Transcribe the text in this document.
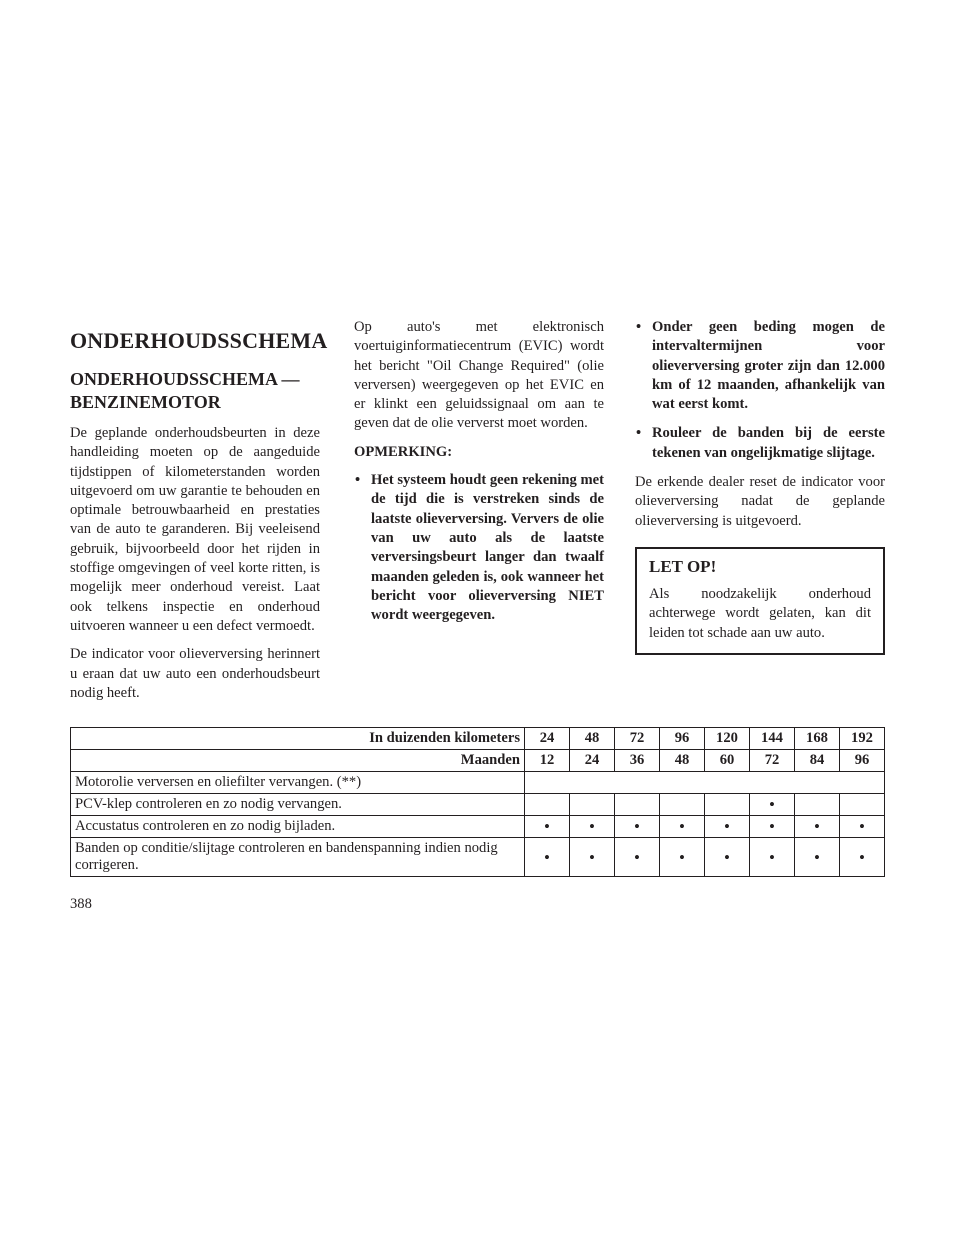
ONDERHOUDSSCHEMA
ONDERHOUDSSCHEMA — BENZINEMOTOR

De geplande onderhoudsbeurten in deze handleiding moeten op de aangeduide tijdstippen of kilometerstanden worden uitgevoerd om uw garantie te behouden en optimale betrouwbaarheid en prestaties van de auto te garanderen. Bij veeleisend gebruik, bijvoorbeeld door het rijden in stoffige omgevingen of veel korte ritten, is mogelijk meer onderhoud vereist. Laat ook telkens inspectie en onderhoud uitvoeren wanneer u een defect vermoedt.

De indicator voor olieverversing herinnert u eraan dat uw auto een onderhoudsbeurt nodig heeft.

Op auto's met elektronisch voertuiginformatiecentrum (EVIC) wordt het bericht "Oil Change Required" (olie verversen) weergegeven op het EVIC en er klinkt een geluidssignaal om aan te geven dat de olie ververst moet worden.

OPMERKING:

• Het systeem houdt geen rekening met de tijd die is verstreken sinds de laatste olieverversing. Ververs de olie van uw auto als de laatste verversingsbeurt langer dan twaalf maanden geleden is, ook wanneer het bericht voor olieverversing NIET wordt weergegeven.
• Onder geen beding mogen de intervaltermijnen voor olieverversing groter zijn dan 12.000 km of 12 maanden, afhankelijk van wat eerst komt.
• Rouleer de banden bij de eerste tekenen van ongelijkmatige slijtage.

De erkende dealer reset de indicator voor olieverversing nadat de geplande olieverversing is uitgevoerd.

LET OP!

Als noodzakelijk onderhoud achterwege wordt gelaten, kan dit leiden tot schade aan uw auto.

In duizenden kilometers	24	48	72	96	120	144	168	192
Maanden	12	24	36	48	60	72	84	96
Motorolie verversen en oliefilter vervangen. (**)								
PCV-klep controleren en zo nodig vervangen.						•		
Accustatus controleren en zo nodig bijladen.	•	•	•	•	•	•	•	•
Banden op conditie/slijtage controleren en bandenspanning indien nodig corrigeren.	•	•	•	•	•	•	•	•
388
